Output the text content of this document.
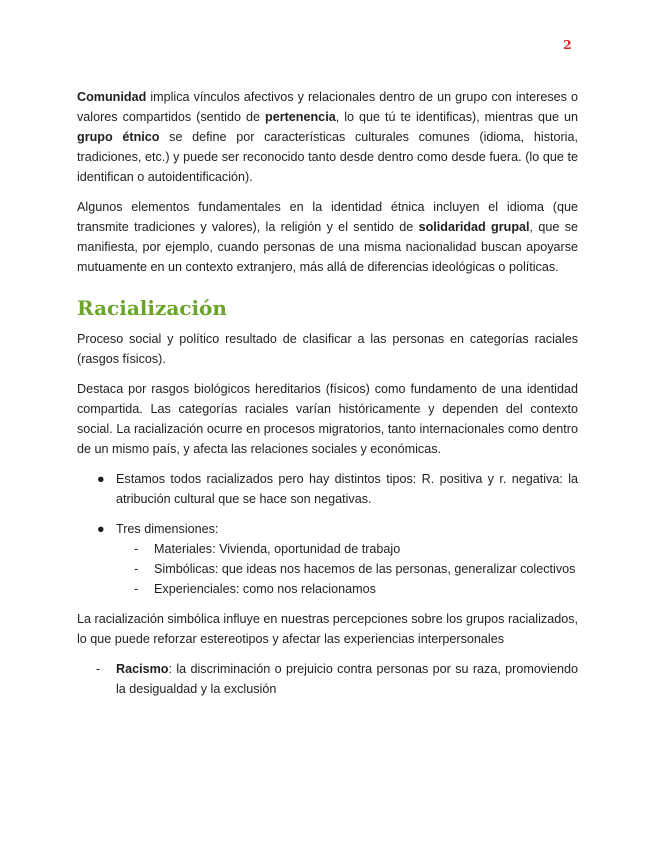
2

Comunidad implica vínculos afectivos y relacionales dentro de un grupo con intereses o valores compartidos (sentido de pertenencia, lo que tú te identificas), mientras que un grupo étnico se define por características culturales comunes (idioma, historia, tradiciones, etc.) y puede ser reconocido tanto desde dentro como desde fuera. (lo que te identifican o autoidentificación).

Algunos elementos fundamentales en la identidad étnica incluyen el idioma (que transmite tradiciones y valores), la religión y el sentido de solidaridad grupal, que se manifiesta, por ejemplo, cuando personas de una misma nacionalidad buscan apoyarse mutuamente en un contexto extranjero, más allá de diferencias ideológicas o políticas.

Racialización

Proceso social y político resultado de clasificar a las personas en categorías raciales (rasgos físicos).

Destaca por rasgos biológicos hereditarios (físicos) como fundamento de una identidad compartida. Las categorías raciales varían históricamente y dependen del contexto social. La racialización ocurre en procesos migratorios, tanto internacionales como dentro de un mismo país, y afecta las relaciones sociales y económicas.

● Estamos todos racializados pero hay distintos tipos: R. positiva y r. negativa: la atribución cultural que se hace son negativas.
● Tres dimensiones:
- Materiales: Vivienda, oportunidad de trabajo
- Simbólicas: que ideas nos hacemos de las personas, generalizar colectivos
- Experienciales: como nos relacionamos

La racialización simbólica influye en nuestras percepciones sobre los grupos racializados, lo que puede reforzar estereotipos y afectar las experiencias interpersonales

- Racismo: la discriminación o prejuicio contra personas por su raza, promoviendo la desigualdad y la exclusión
